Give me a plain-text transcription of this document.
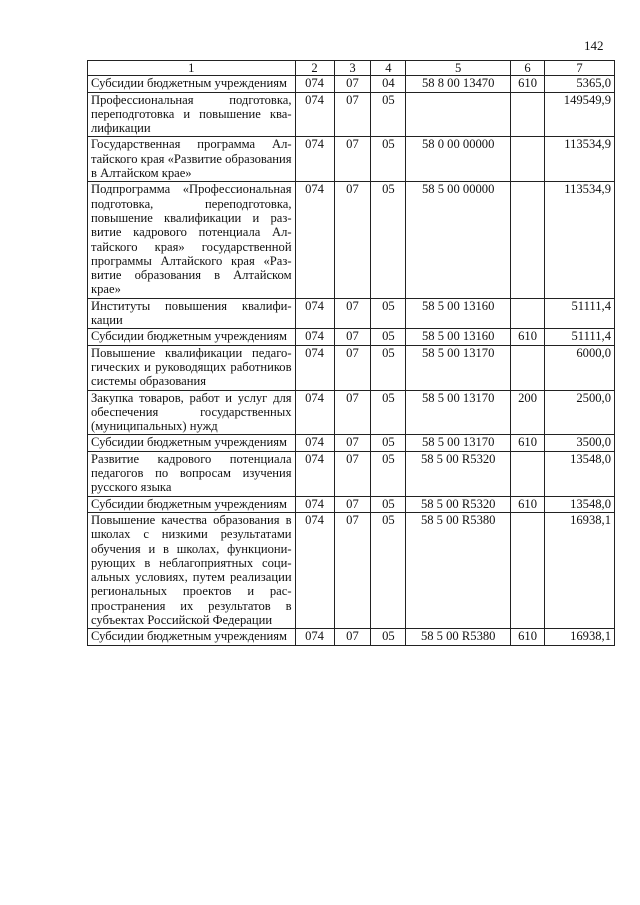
142
1	2	3	4	5	6	7
Субсидии бюджетным учреждениям	074	07	04	58 8 00 13470	610	5365,0
Профессиональная подготовка, переподготовка и повышение квалификации	074	07	05			149549,9
Государственная программа Алтайского края «Развитие образования в Алтайском крае»	074	07	05	58 0 00 00000		113534,9
Подпрограмма «Профессиональная подготовка, переподготовка, повышение квалификации и развитие кадрового потенциала Алтайского края» государственной программы Алтайского края «Развитие образования в Алтайском крае»	074	07	05	58 5 00 00000		113534,9
Институты повышения квалификации	074	07	05	58 5 00 13160		51111,4
Субсидии бюджетным учреждениям	074	07	05	58 5 00 13160	610	51111,4
Повышение квалификации педагогических и руководящих работников системы образования	074	07	05	58 5 00 13170		6000,0
Закупка товаров, работ и услуг для обеспечения государственных (муниципальных) нужд	074	07	05	58 5 00 13170	200	2500,0
Субсидии бюджетным учреждениям	074	07	05	58 5 00 13170	610	3500,0
Развитие кадрового потенциала педагогов по вопросам изучения русского языка	074	07	05	58 5 00 R5320		13548,0
Субсидии бюджетным учреждениям	074	07	05	58 5 00 R5320	610	13548,0
Повышение качества образования в школах с низкими результатами обучения и в школах, функционирующих в неблагоприятных социальных условиях, путем реализации региональных проектов и распространения их результатов в субъектах Российской Федерации	074	07	05	58 5 00 R5380		16938,1
Субсидии бюджетным учреждениям	074	07	05	58 5 00 R5380	610	16938,1
